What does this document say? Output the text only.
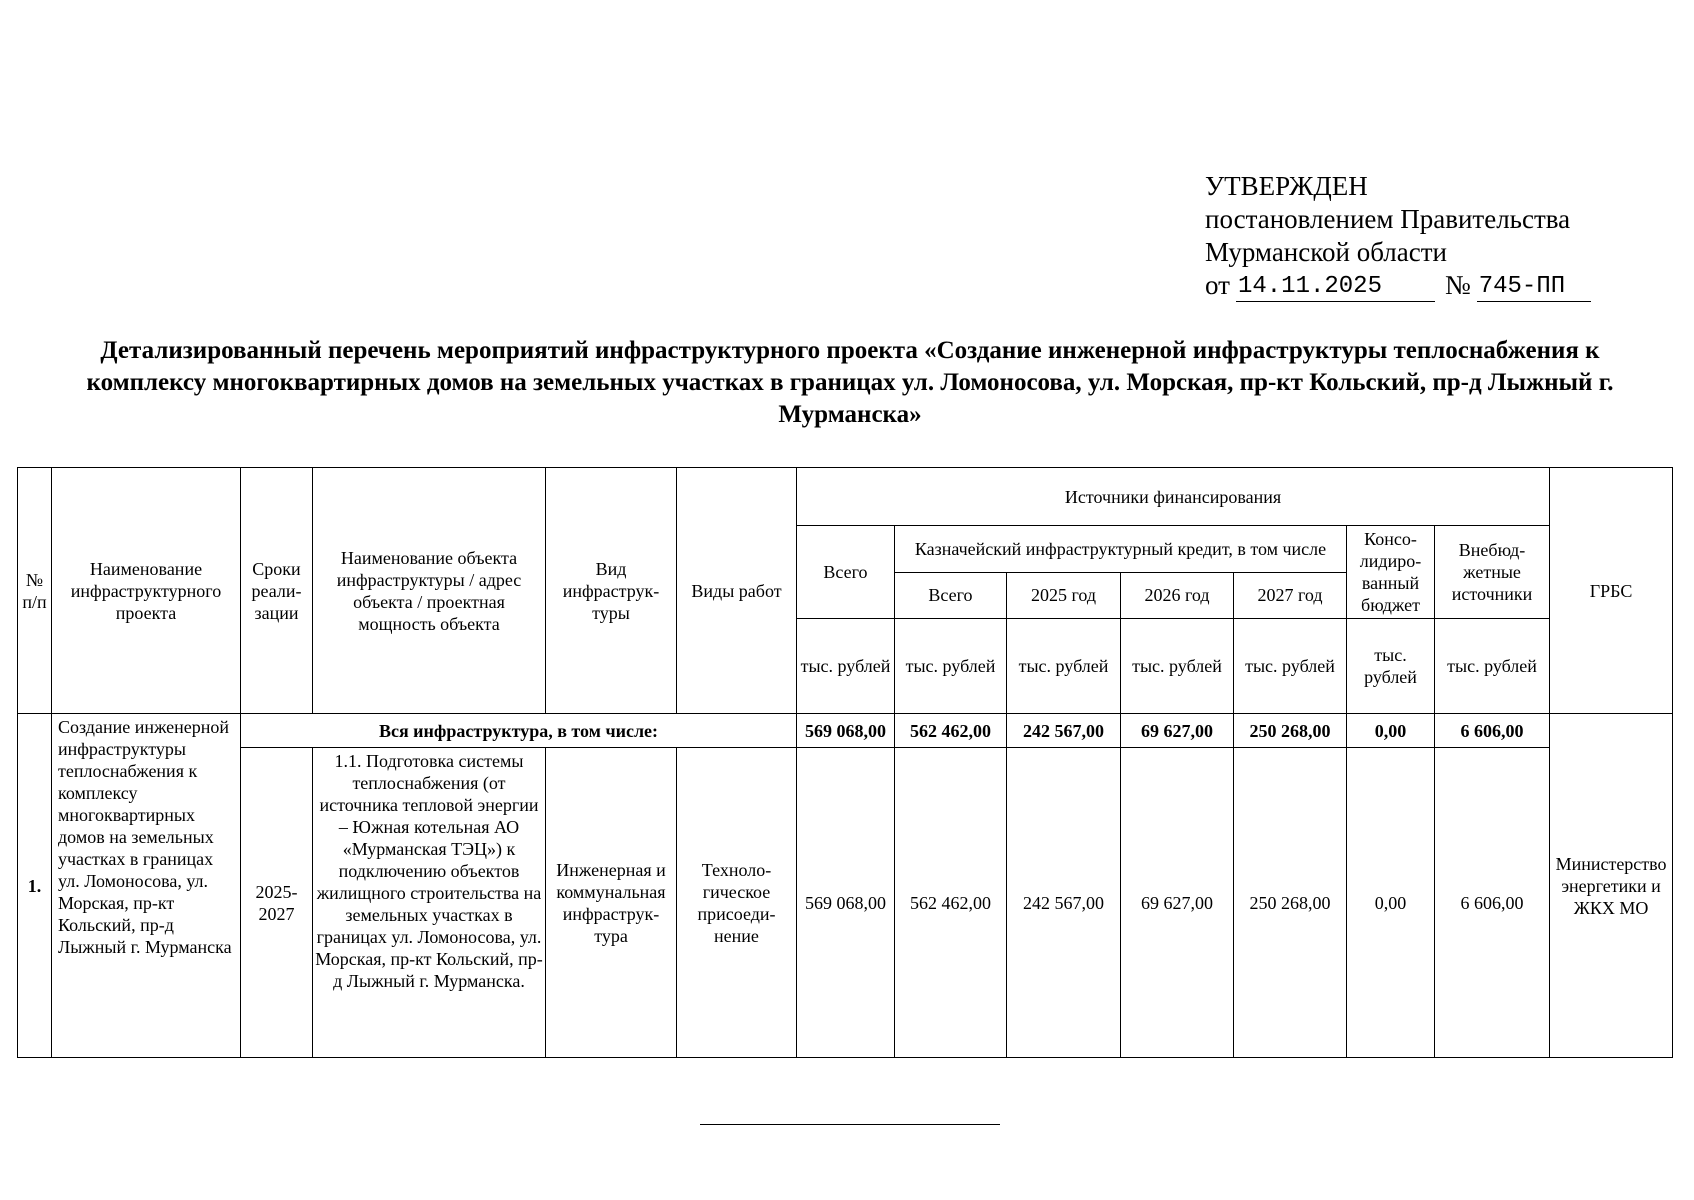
УТВЕРЖДЕН
постановлением Правительства
Мурманской области
от 14.11.2025	№ 745-ПП
Детализированный перечень мероприятий инфраструктурного проекта «Создание инженерной инфраструктуры теплоснабжения к комплексу многоквартирных домов на земельных участках в границах ул. Ломоносова, ул. Морская, пр-кт Кольский, пр-д Лыжный г. Мурманска»
№ п/п	Наименование инфраструктурного проекта	Сроки реали-зации	Наименование объекта инфраструктуры / адрес объекта / проектная мощность объекта	Вид инфраструк-туры	Виды работ	Источники финансирования							ГРБС
						Всего	Казначейский инфраструктурный кредит, в том числе				Консо-лидиро-ванный бюджет	Внебюд-жетные источники	
							Всего	2025 год	2026 год	2027 год			
						тыс. рублей	тыс. рублей	тыс. рублей	тыс. рублей	тыс. рублей	тыс. рублей	тыс. рублей	
1.	Создание инженерной инфраструктуры теплоснабжения к комплексу многоквартирных домов на земельных участках в границах ул. Ломоносова, ул. Морская, пр-кт Кольский, пр-д Лыжный г. Мурманска	Вся инфраструктура, в том числе:				569 068,00	562 462,00	242 567,00	69 627,00	250 268,00	0,00	6 606,00	Министерство энергетики и ЖКХ МО
		2025-2027	1.1. Подготовка системы теплоснабжения (от источника тепловой энергии – Южная котельная АО «Мурманская ТЭЦ») к подключению объектов жилищного строительства на земельных участках в границах ул. Ломоносова, ул. Морская, пр-кт Кольский, пр-д Лыжный г. Мурманска.	Инженерная и коммунальная инфраструк-тура	Техноло-гическое присоеди-нение	569 068,00	562 462,00	242 567,00	69 627,00	250 268,00	0,00	6 606,00	
